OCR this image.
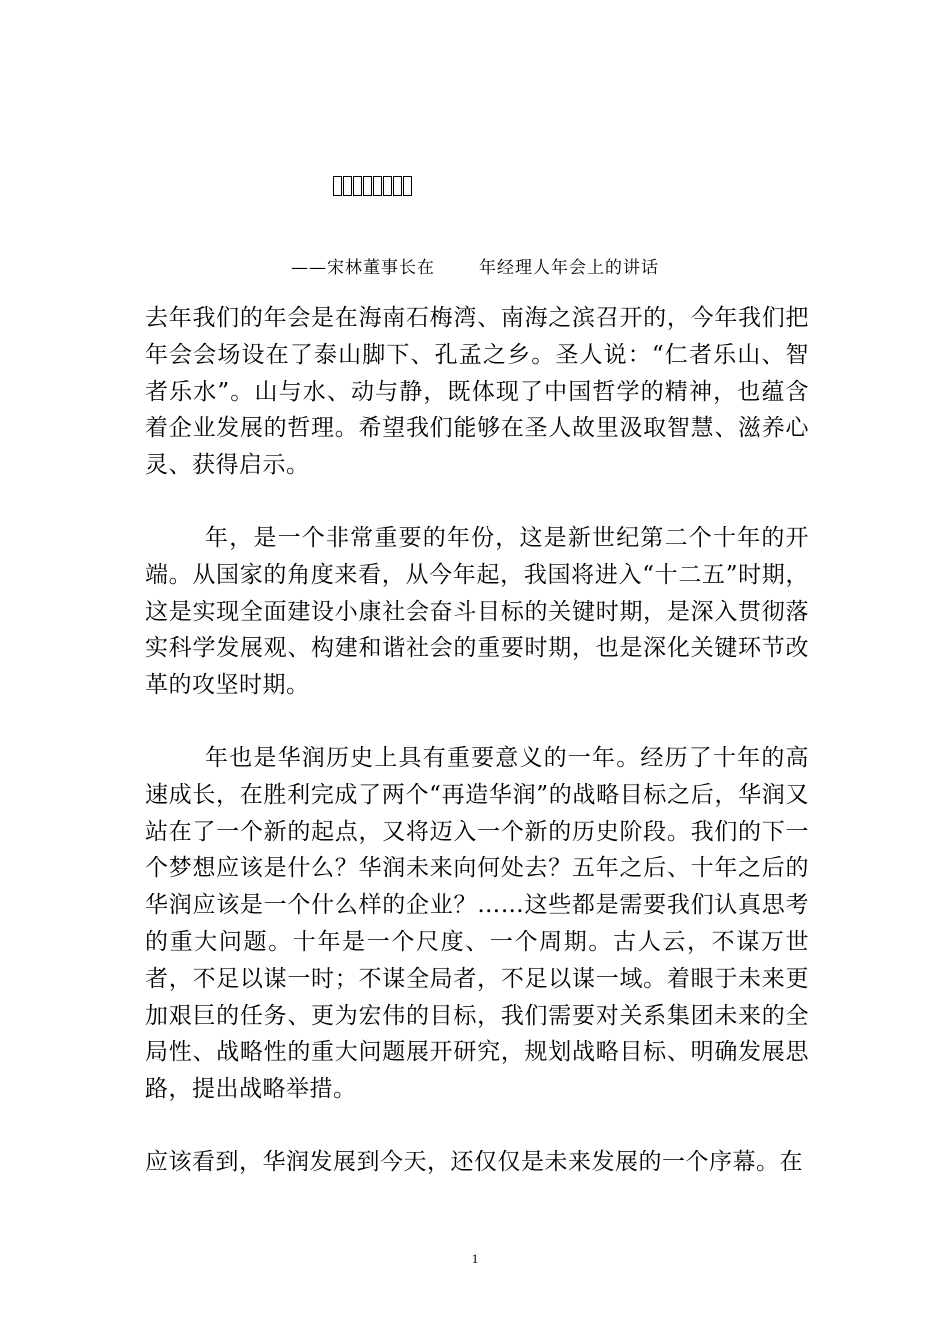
——宋林董事长在	年经理人年会上的讲话

去年我们的年会是在海南石梅湾、南海之滨召开的，今年我们把年会会场设在了泰山脚下、孔孟之乡。圣人说：“仁者乐山、智者乐水”。山与水、动与静，既体现了中国哲学的精神，也蕴含着企业发展的哲理。希望我们能够在圣人故里汲取智慧、滋养心灵、获得启示。

年，是一个非常重要的年份，这是新世纪第二个十年的开端。从国家的角度来看，从今年起，我国将进入“十二五”时期，这是实现全面建设小康社会奋斗目标的关键时期，是深入贯彻落实科学发展观、构建和谐社会的重要时期，也是深化关键环节改革的攻坚时期。

年也是华润历史上具有重要意义的一年。经历了十年的高速成长，在胜利完成了两个“再造华润”的战略目标之后，华润又站在了一个新的起点，又将迈入一个新的历史阶段。我们的下一个梦想应该是什么？华润未来向何处去？五年之后、十年之后的华润应该是一个什么样的企业？……这些都是需要我们认真思考的重大问题。十年是一个尺度、一个周期。古人云，不谋万世者，不足以谋一时；不谋全局者，不足以谋一域。着眼于未来更加艰巨的任务、更为宏伟的目标，我们需要对关系集团未来的全局性、战略性的重大问题展开研究，规划战略目标、明确发展思路，提出战略举措。

应该看到，华润发展到今天，还仅仅是未来发展的一个序幕。在

1
